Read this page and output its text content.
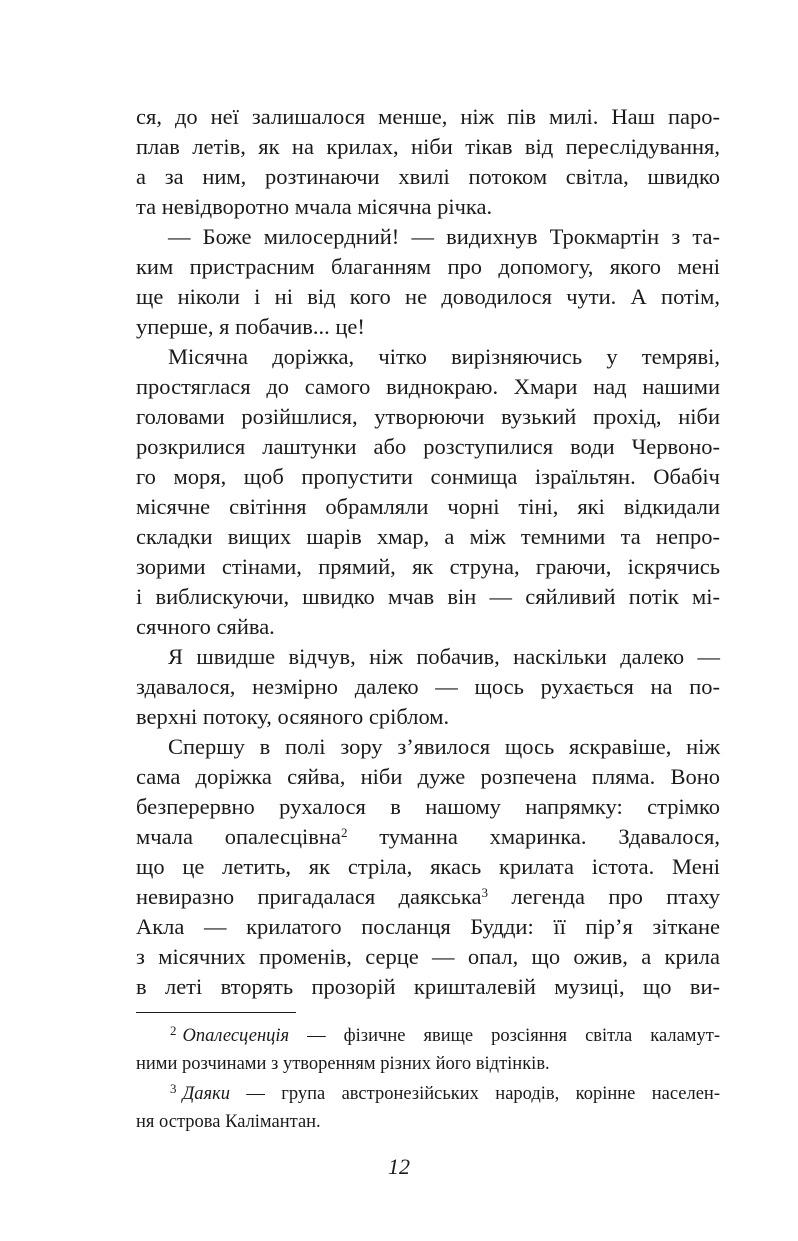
ся, до неї залишалося менше, ніж пів милі. Наш паро-
плав летів, як на крилах, ніби тікав від переслідування,
а за ним, розтинаючи хвилі потоком світла, швидко
та невідворотно мчала місячна річка.
— Боже милосердний! — видихнув Трокмартін з та-
ким пристрасним благанням про допомогу, якого мені
ще ніколи і ні від кого не доводилося чути. А потім,
уперше, я побачив... це!
Місячна доріжка, чітко вирізняючись у темряві,
простяглася до самого виднокраю. Хмари над нашими
головами розійшлися, утворюючи вузький прохід, ніби
розкрилися лаштунки або розступилися води Червоно-
го моря, щоб пропустити сонмища ізраїльтян. Обабіч
місячне світіння обрамляли чорні тіні, які відкидали
складки вищих шарів хмар, а між темними та непро-
зорими стінами, прямий, як струна, граючи, іскрячись
і виблискуючи, швидко мчав він — сяйливий потік мі-
сячного сяйва.
Я швидше відчув, ніж побачив, наскільки далеко —
здавалося, незмірно далеко — щось рухається на по-
верхні потоку, осяяного сріблом.
Спершу в полі зору з’явилося щось яскравіше, ніж
сама доріжка сяйва, ніби дуже розпечена пляма. Воно
безперервно рухалося в нашому напрямку: стрімко
мчала опалесцівна$^2$ туманна хмаринка. Здавалося,
що це летить, як стріла, якась крилата істота. Мені
невиразно пригадалася даякська$^3$ легенда про птаху
Акла — крилатого посланця Будди: її пір’я зіткане
з місячних променів, серце — опал, що ожив, а крила
в леті вторять прозорій кришталевій музиці, що ви-
$^2$ Опалесценція — фізичне явище розсіяння світла каламут-
ними розчинами з утворенням різних його відтінків.
$^3$ Даяки — група австронезійських народів, корінне населен-
ня острова Калімантан.
12
